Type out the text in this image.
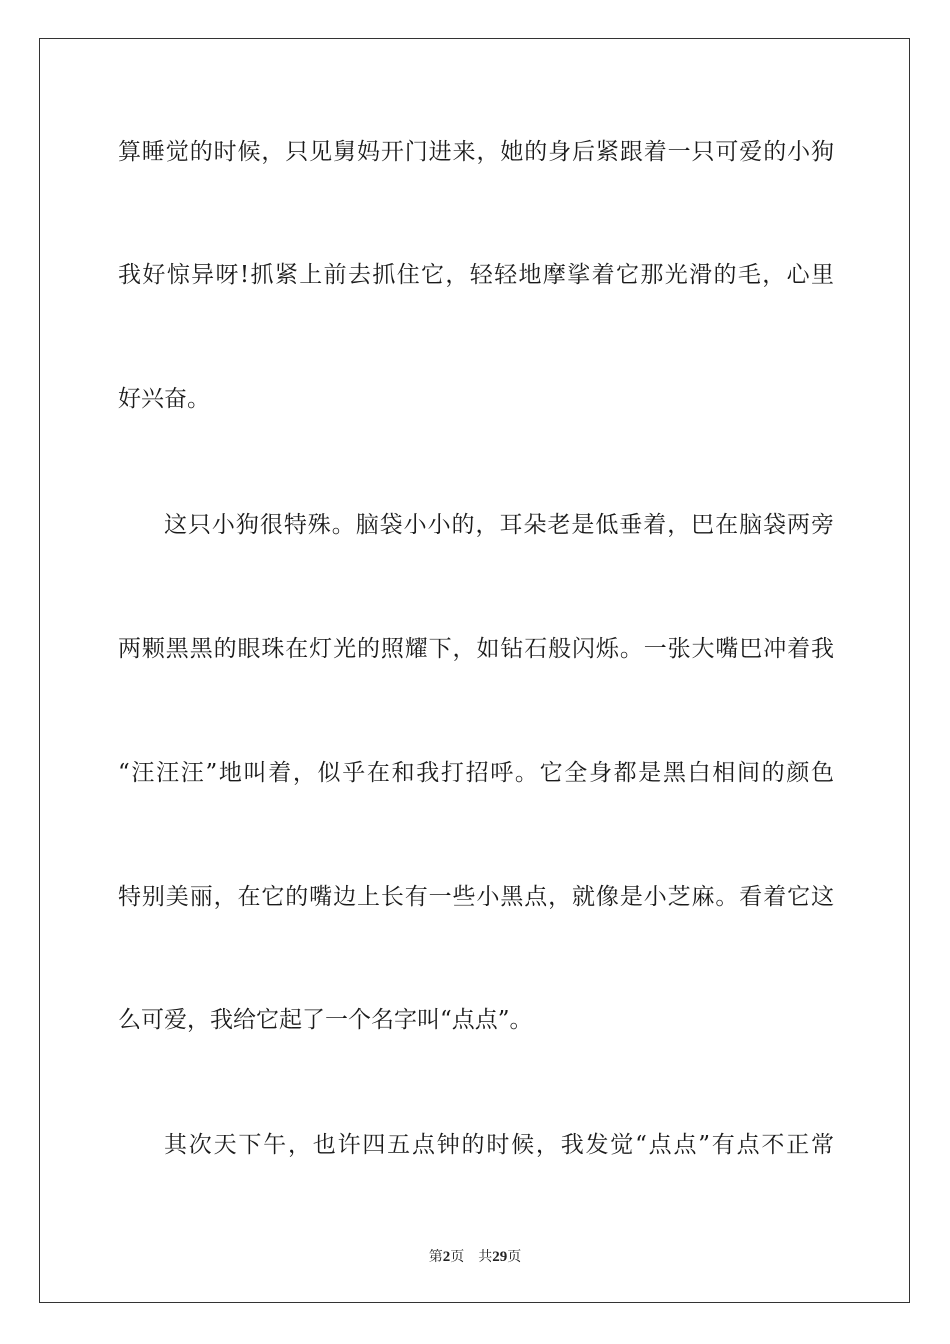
算睡觉的时候，只见舅妈开门进来，她的身后紧跟着一只可爱的小狗
我好惊异呀!抓紧上前去抓住它，轻轻地摩挲着它那光滑的毛，心里
好兴奋。
这只小狗很特殊。脑袋小小的，耳朵老是低垂着，巴在脑袋两旁
两颗黑黑的眼珠在灯光的照耀下，如钻石般闪烁。一张大嘴巴冲着我
“汪汪汪”地叫着，似乎在和我打招呼。它全身都是黑白相间的颜色
特别美丽，在它的嘴边上长有一些小黑点，就像是小芝麻。看着它这
么可爱，我给它起了一个名字叫“点点”。
其次天下午，也许四五点钟的时候，我发觉“点点”有点不正常
第2页 共29页
